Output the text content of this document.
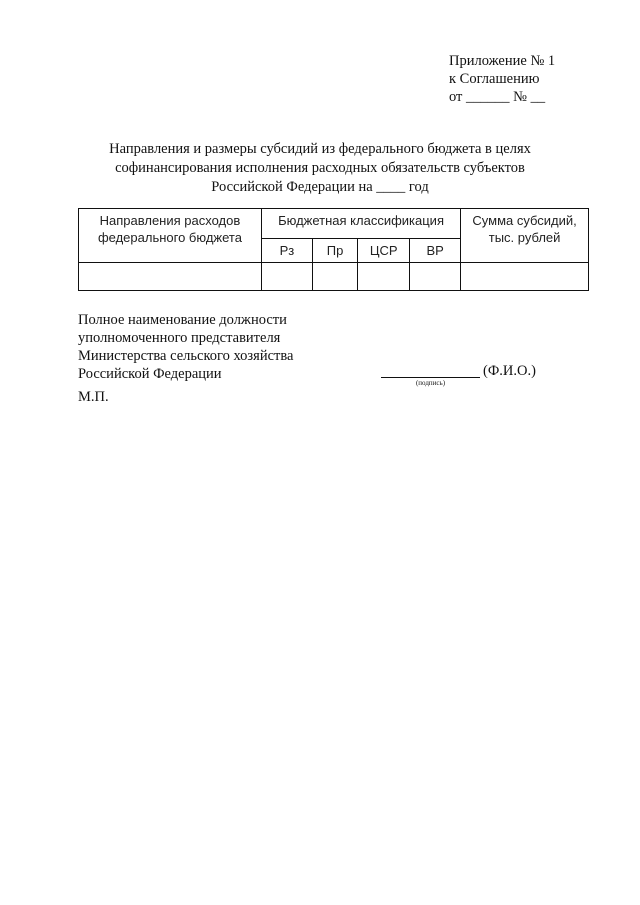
Приложение № 1
к Соглашению
от ______ № __
Направления и размеры субсидий из федерального бюджета в целях
софинансирования исполнения расходных обязательств субъектов
Российской Федерации на ____ год
Направления расходов федерального бюджета	Бюджетная классификация				Сумма субсидий, тыс. рублей
	Рз	Пр	ЦСР	ВР	

Полное наименование должности
уполномоченного представителя
Министерства сельского хозяйства
Российской Федерации	(Ф.И.О.)
(подпись)
М.П.
